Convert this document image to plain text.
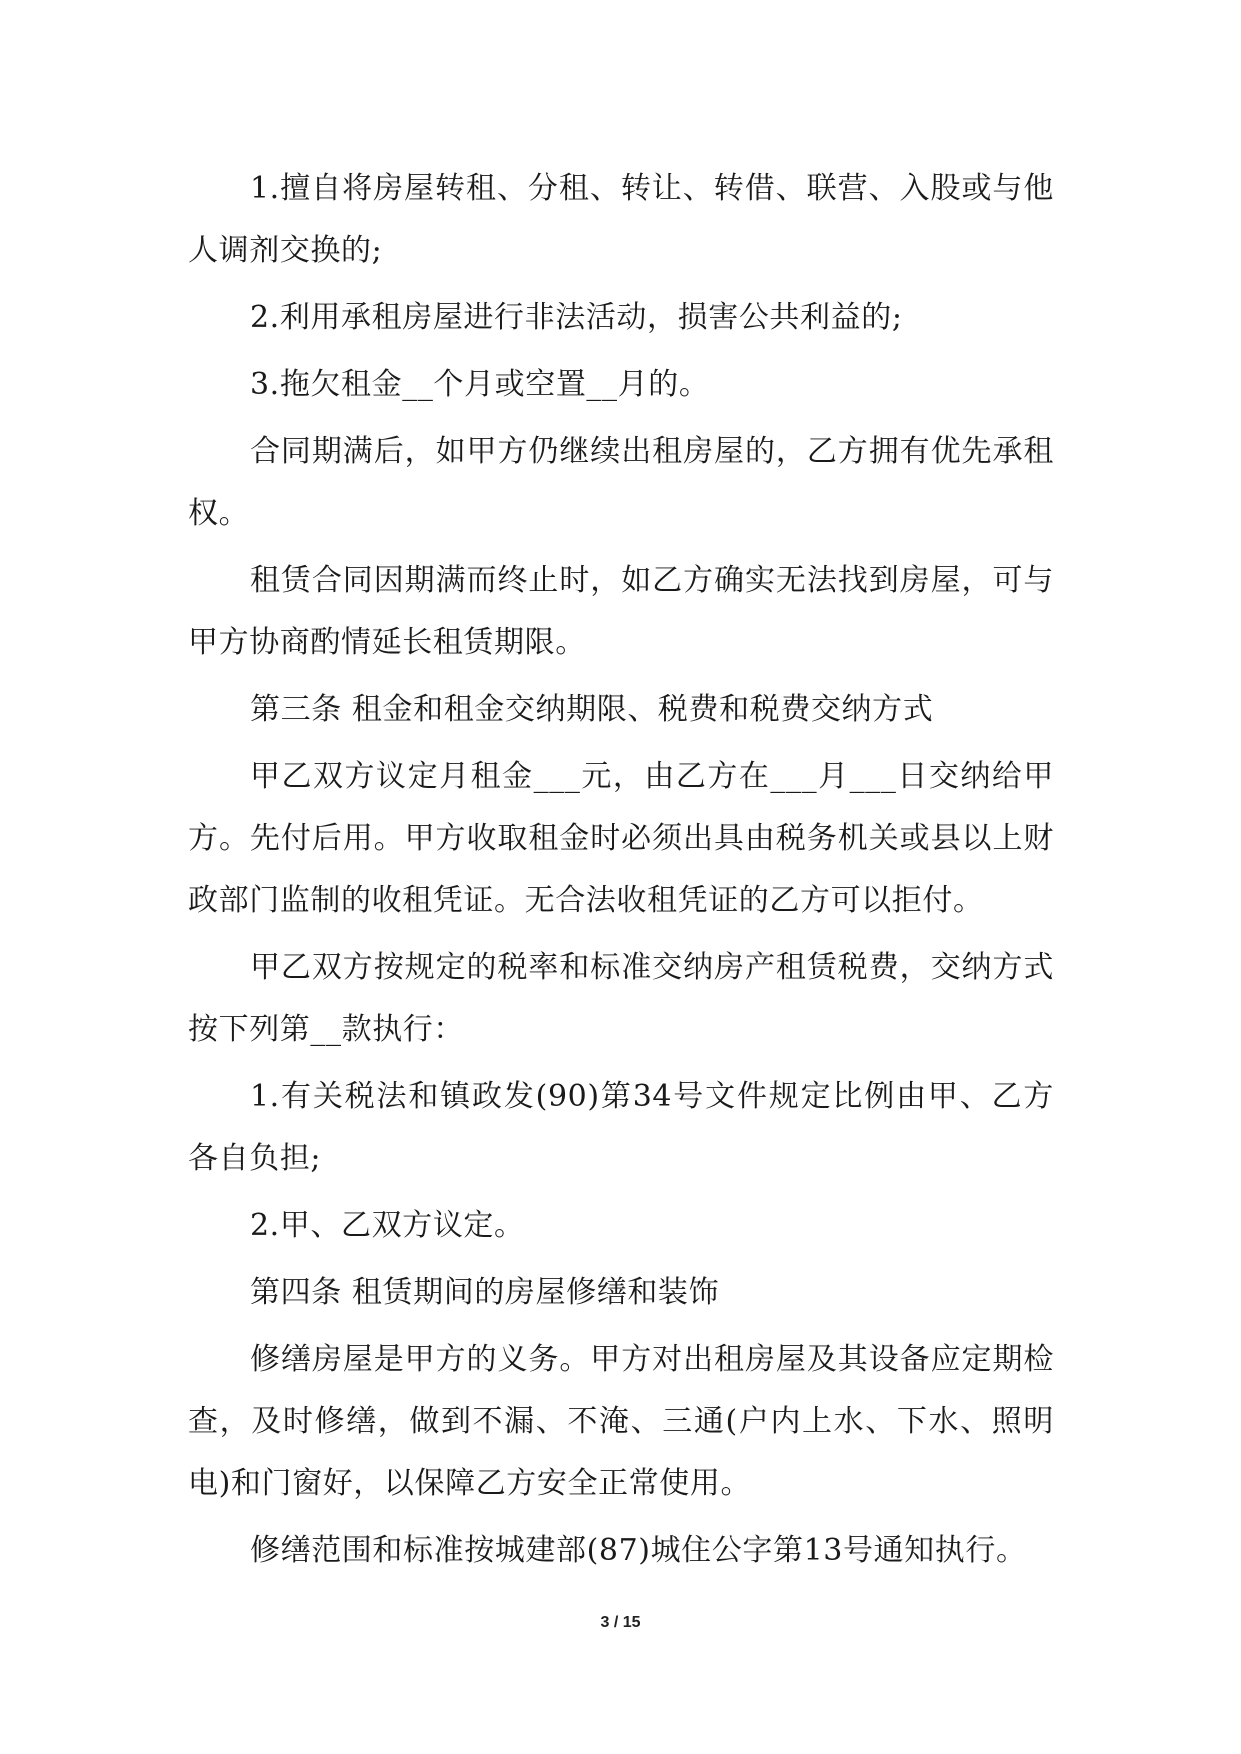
1.擅自将房屋转租、分租、转让、转借、联营、入股或与他人调剂交换的;

2.利用承租房屋进行非法活动，损害公共利益的;

3.拖欠租金__个月或空置__月的。

合同期满后，如甲方仍继续出租房屋的，乙方拥有优先承租权。

租赁合同因期满而终止时，如乙方确实无法找到房屋，可与甲方协商酌情延长租赁期限。

第三条 租金和租金交纳期限、税费和税费交纳方式

甲乙双方议定月租金___元，由乙方在___月___日交纳给甲方。先付后用。甲方收取租金时必须出具由税务机关或县以上财政部门监制的收租凭证。无合法收租凭证的乙方可以拒付。

甲乙双方按规定的税率和标准交纳房产租赁税费，交纳方式按下列第__款执行：

1.有关税法和镇政发(90)第34号文件规定比例由甲、乙方各自负担;

2.甲、乙双方议定。

第四条 租赁期间的房屋修缮和装饰

修缮房屋是甲方的义务。甲方对出租房屋及其设备应定期检查，及时修缮，做到不漏、不淹、三通(户内上水、下水、照明电)和门窗好，以保障乙方安全正常使用。

修缮范围和标准按城建部(87)城住公字第13号通知执行。

3 / 15
